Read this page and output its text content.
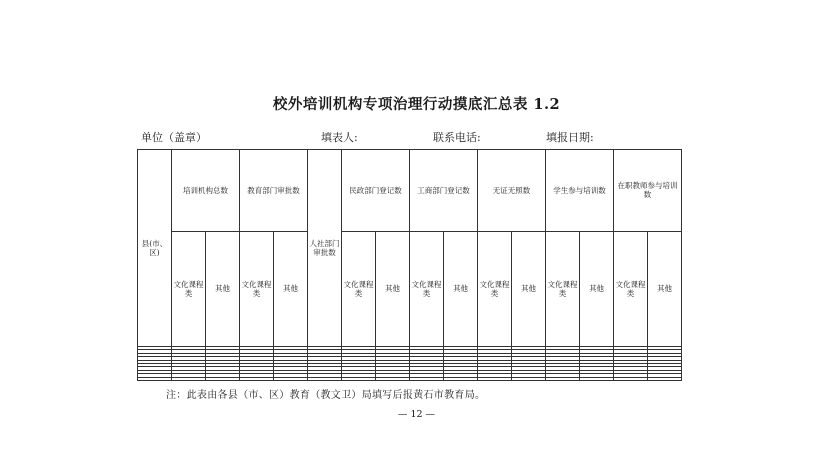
校外培训机构专项治理行动摸底汇总表 1.2
单位（盖章）	填表人:	联系电话:	填报日期:
县(市、区)	培训机构总数		教育部门审批数		人社部门审批数	民政部门登记数		工商部门登记数		无证无照数		学生参与培训数		在职教师参与培训数	
	文化课程类	其他	文化课程类	其他		文化课程类	其他	文化课程类	其他	文化课程类	其他	文化课程类	其他	文化课程类	其他

注：此表由各县（市、区）教育（教文卫）局填写后报黄石市教育局。
— 12 —
